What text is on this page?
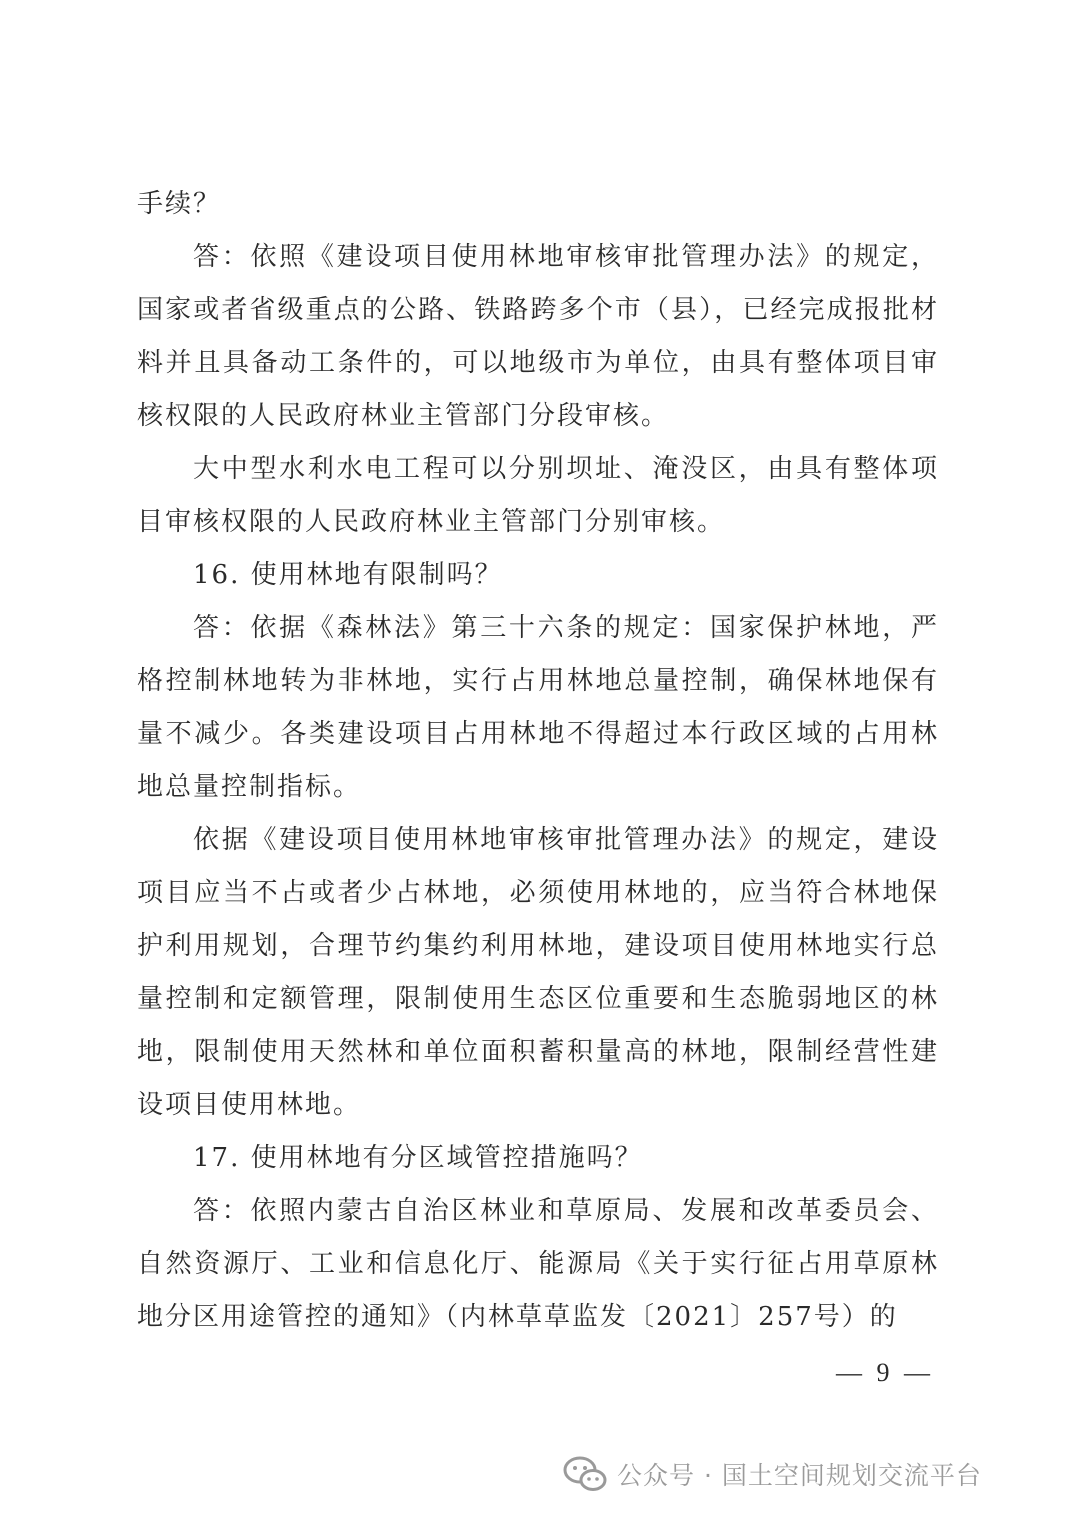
手续？

答：依照《建设项目使用林地审核审批管理办法》的规定，国家或者省级重点的公路、铁路跨多个市（县），已经完成报批材料并且具备动工条件的，可以地级市为单位，由具有整体项目审核权限的人民政府林业主管部门分段审核。

大中型水利水电工程可以分别坝址、淹没区，由具有整体项目审核权限的人民政府林业主管部门分别审核。

16. 使用林地有限制吗？

答：依据《森林法》第三十六条的规定：国家保护林地，严格控制林地转为非林地，实行占用林地总量控制，确保林地保有量不减少。各类建设项目占用林地不得超过本行政区域的占用林地总量控制指标。

依据《建设项目使用林地审核审批管理办法》的规定，建设项目应当不占或者少占林地，必须使用林地的，应当符合林地保护利用规划，合理节约集约利用林地，建设项目使用林地实行总量控制和定额管理，限制使用生态区位重要和生态脆弱地区的林地，限制使用天然林和单位面积蓄积量高的林地，限制经营性建设项目使用林地。

17. 使用林地有分区域管控措施吗？

答：依照内蒙古自治区林业和草原局、发展和改革委员会、自然资源厅、工业和信息化厅、能源局《关于实行征占用草原林地分区用途管控的通知》（内林草草监发〔2021〕257号）的

— 9 —
公众号 · 国土空间规划交流平台
